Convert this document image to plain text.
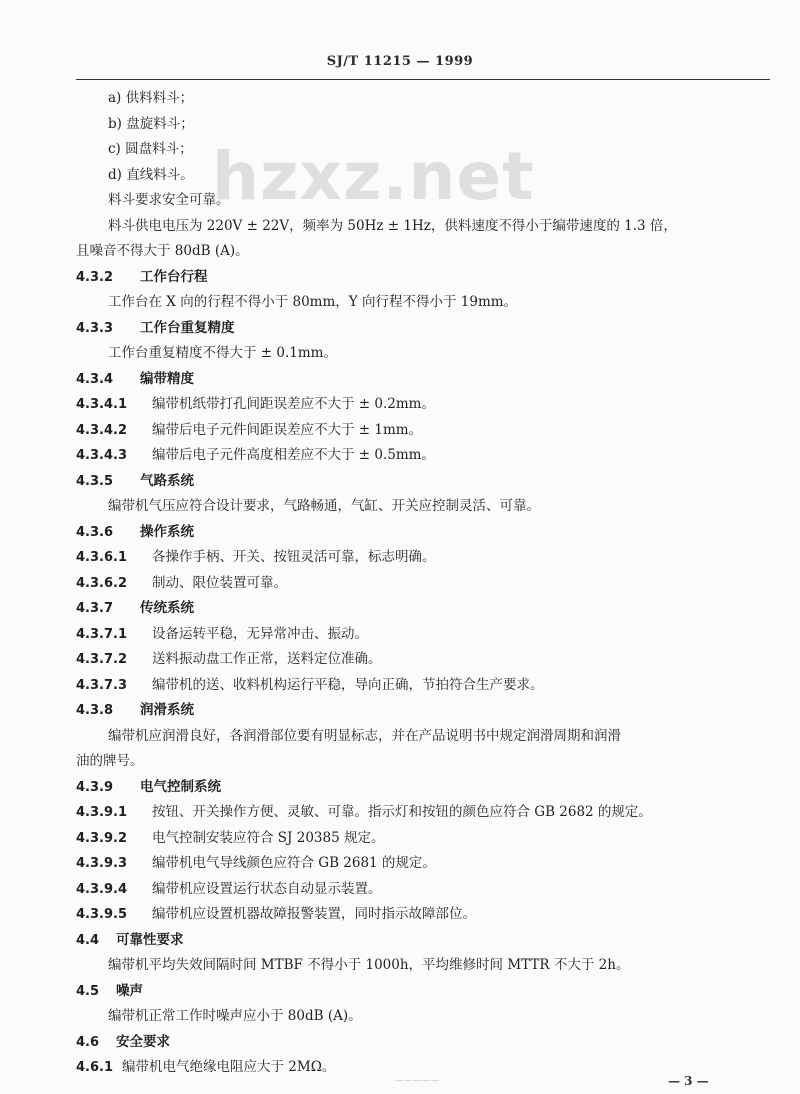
SJ/T 11215 — 1999
hzxz.net
a) 供料料斗；
b) 盘旋料斗；
c) 圆盘料斗；
d) 直线料斗。
料斗要求安全可靠。
料斗供电电压为 220V ± 22V，频率为 50Hz ± 1Hz，供料速度不得小于编带速度的 1.3 倍，
且噪音不得大于 80dB (A)。
4.3.2 工作台行程
工作台在 X 向的行程不得小于 80mm，Y 向行程不得小于 19mm。
4.3.3 工作台重复精度
工作台重复精度不得大于 ± 0.1mm。
4.3.4 编带精度
4.3.4.1 编带机纸带打孔间距误差应不大于 ± 0.2mm。
4.3.4.2 编带后电子元件间距误差应不大于 ± 1mm。
4.3.4.3 编带后电子元件高度相差应不大于 ± 0.5mm。
4.3.5 气路系统
编带机气压应符合设计要求，气路畅通，气缸、开关应控制灵活、可靠。
4.3.6 操作系统
4.3.6.1 各操作手柄、开关、按钮灵活可靠，标志明确。
4.3.6.2 制动、限位装置可靠。
4.3.7 传统系统
4.3.7.1 设备运转平稳，无异常冲击、振动。
4.3.7.2 送料振动盘工作正常，送料定位准确。
4.3.7.3 编带机的送、收料机构运行平稳，导向正确，节拍符合生产要求。
4.3.8 润滑系统
编带机应润滑良好，各润滑部位要有明显标志，并在产品说明书中规定润滑周期和润滑
油的牌号。
4.3.9 电气控制系统
4.3.9.1 按钮、开关操作方便、灵敏、可靠。指示灯和按钮的颜色应符合 GB 2682 的规定。
4.3.9.2 电气控制安装应符合 SJ 20385 规定。
4.3.9.3 编带机电气导线颜色应符合 GB 2681 的规定。
4.3.9.4 编带机应设置运行状态自动显示装置。
4.3.9.5 编带机应设置机器故障报警装置，同时指示故障部位。
4.4 可靠性要求
编带机平均失效间隔时间 MTBF 不得小于 1000h，平均维修时间 MTTR 不大于 2h。
4.5 噪声
编带机正常工作时噪声应小于 80dB (A)。
4.6 安全要求
4.6.1 编带机电气绝缘电阻应大于 2MΩ。
—————	— 3 —
